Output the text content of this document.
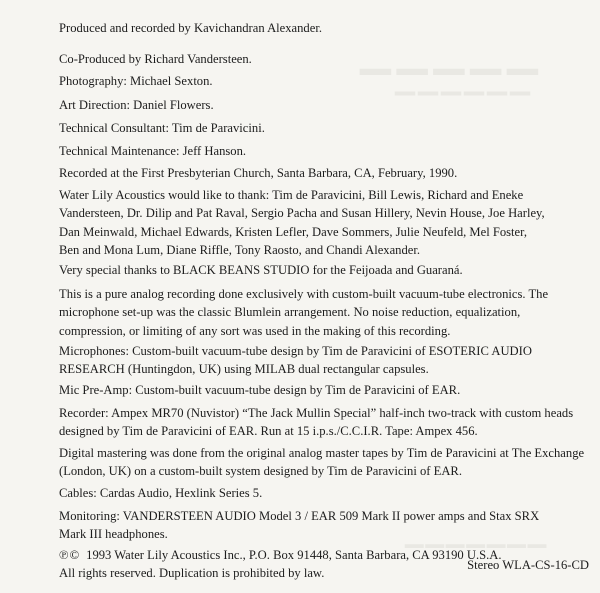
▁▁▁▁▁
▁▁▁▁▁▁
▁▁▁▁▁▁▁
Produced and recorded by Kavichandran Alexander.
Co-Produced by Richard Vandersteen.
Photography: Michael Sexton.
Art Direction: Daniel Flowers.
Technical Consultant: Tim de Paravicini.
Technical Maintenance: Jeff Hanson.
Recorded at the First Presbyterian Church, Santa Barbara, CA, February, 1990.
Water Lily Acoustics would like to thank: Tim de Paravicini, Bill Lewis, Richard and Eneke
Vandersteen, Dr. Dilip and Pat Raval, Sergio Pacha and Susan Hillery, Nevin House, Joe Harley,
Dan Meinwald, Michael Edwards, Kristen Lefler, Dave Sommers, Julie Neufeld, Mel Foster,
Ben and Mona Lum, Diane Riffle, Tony Raosto, and Chandi Alexander.
Very special thanks to BLACK BEANS STUDIO for the Feijoada and Guaraná.
This is a pure analog recording done exclusively with custom-built vacuum-tube electronics. The
microphone set-up was the classic Blumlein arrangement. No noise reduction, equalization,
compression, or limiting of any sort was used in the making of this recording.
Microphones: Custom-built vacuum-tube design by Tim de Paravicini of ESOTERIC AUDIO
RESEARCH (Huntingdon, UK) using MILAB dual rectangular capsules.
Mic Pre-Amp: Custom-built vacuum-tube design by Tim de Paravicini of EAR.
Recorder: Ampex MR70 (Nuvistor) “The Jack Mullin Special” half-inch two-track with custom heads
designed by Tim de Paravicini of EAR. Run at 15 i.p.s./C.C.I.R. Tape: Ampex 456.
Digital mastering was done from the original analog master tapes by Tim de Paravicini at The Exchange
(London, UK) on a custom-built system designed by Tim de Paravicini of EAR.
Cables: Cardas Audio, Hexlink Series 5.
Monitoring: VANDERSTEEN AUDIO Model 3 / EAR 509 Mark II power amps and Stax SRX
Mark III headphones.
℗© 1993 Water Lily Acoustics Inc., P.O. Box 91448, Santa Barbara, CA 93190 U.S.A.
All rights reserved. Duplication is prohibited by law.
Stereo WLA-CS-16-CD
